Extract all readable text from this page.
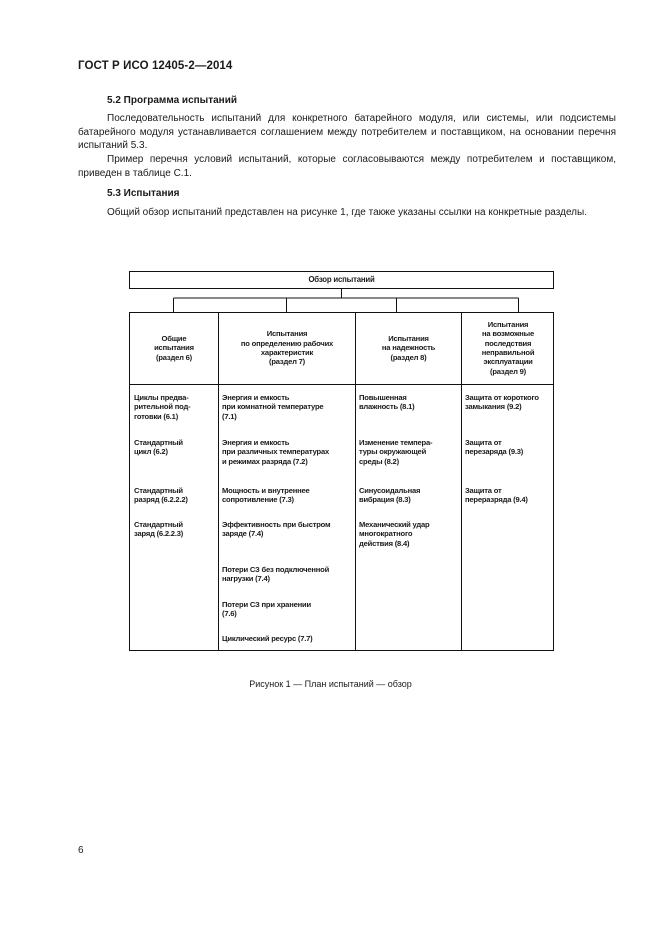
ГОСТ Р ИСО 12405-2—2014
5.2 Программа испытаний
Последовательность испытаний для конкретного батарейного модуля, или системы, или подсистемы батарейного модуля устанавливается соглашением между потребителем и поставщиком, на основании перечня испытаний 5.3.
Пример перечня условий испытаний, которые согласовываются между потребителем и поставщиком, приведен в таблице С.1.
5.3 Испытания
Общий обзор испытаний представлен на рисунке 1, где также указаны ссылки на конкретные разделы.
Обзор испытаний
Общие
испытания
(раздел 6)
Испытания
по определению рабочих
характеристик
(раздел 7)
Испытания
на надежность
(раздел 8)
Испытания
на возможные
последствия
неправильной
эксплуатации
(раздел 9)
Циклы предва-
рительной под-
готовки (6.1)
Стандартный
цикл (6.2)
Стандартный
разряд (6.2.2.2)
Стандартный
заряд (6.2.2.3)
Энергия и емкость
при комнатной температуре
(7.1)
Энергия и емкость
при различных температурах
и режимах разряда (7.2)
Мощность и внутреннее
сопротивление (7.3)
Эффективность при быстром
заряде (7.4)
Потери СЗ без подключенной
нагрузки (7.4)
Потери СЗ при хранении
(7.6)
Циклический ресурс (7.7)
Повышенная
влажность (8.1)
Изменение темпера-
туры окружающей
среды (8.2)
Синусоидальная
вибрация (8.3)
Механический удар
многократного
действия (8.4)
Защита от короткого
замыкания (9.2)
Защита от
перезаряда (9.3)
Защита от
переразряда (9.4)
Рисунок 1 — План испытаний — обзор
6
